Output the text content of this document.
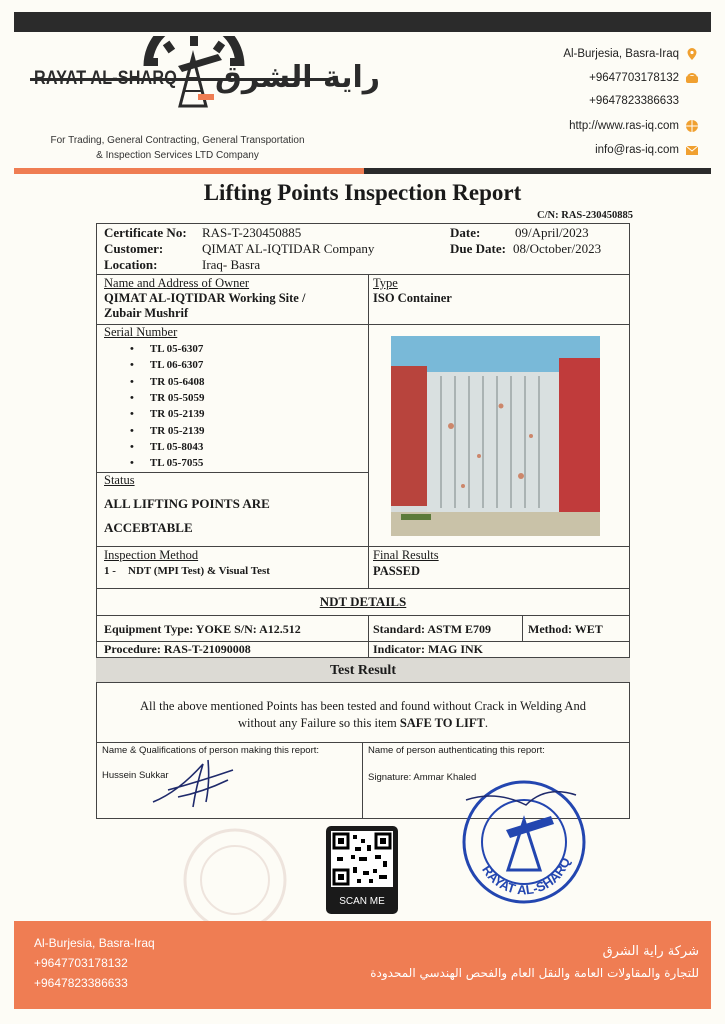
RAYAT AL-SHARQ راية الشرق
For Trading, General Contracting, General Transportation
& Inspection Services LTD Company
Al-Burjesia, Basra-Iraq
+9647703178132
+9647823386633
http://www.ras-iq.com
info@ras-iq.com
Lifting Points Inspection Report
C/N: RAS-230450885
Certificate No:	RAS-T-230450885
Customer:	QIMAT AL-IQTIDAR Company
Location:	Iraq- Basra
Date:	09/April/2023
Due Date: 08/October/2023
Name and Address of Owner
QIMAT AL-IQTIDAR Working Site /
Zubair Mushrif
Type
ISO Container
Serial Number
• TL 05-6307
• TL 06-6307
• TR 05-6408
• TR 05-5059
• TR 05-2139
• TR 05-2139
• TL 05-8043
• TL 05-7055
Status
ALL LIFTING POINTS ARE
ACCEBTABLE
Inspection Method
1 -	NDT (MPI Test) & Visual Test
Final Results
PASSED
NDT DETAILS
Equipment Type: YOKE S/N: A12.512	Standard: ASTM E709	Method: WET
Procedure: RAS-T-21090008	Indicator: MAG INK
Test Result
All the above mentioned Points has been tested and found without Crack in Welding And
without any Failure so this item SAFE TO LIFT.
Name & Qualifications of person making this report:
Hussein Sukkar
Name of person authenticating this report:
Signature: Ammar Khaled
RAYAT AL-SHARQ
SCAN ME
Al-Burjesia, Basra-Iraq
+9647703178132
+9647823386633
شركة راية الشرق
للتجارة والمقاولات العامة والنقل العام والفحص الهندسي المحدودة
